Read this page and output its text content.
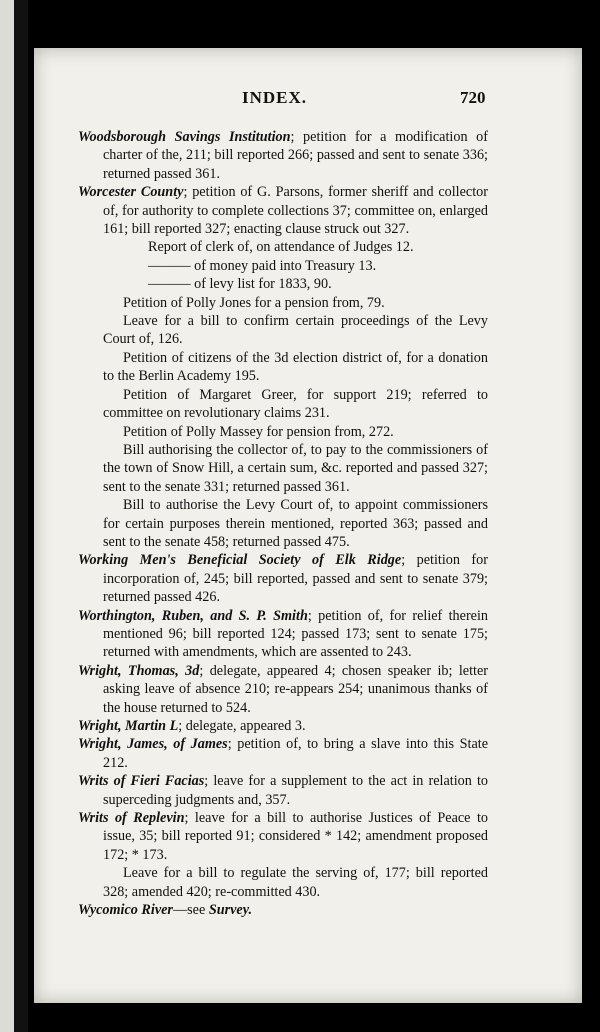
INDEX.	720

Woodsborough Savings Institution; petition for a modification of charter of the, 211; bill reported 266; passed and sent to senate 336; returned passed 361.

Worcester County; petition of G. Parsons, former sheriff and collector of, for authority to complete collections 37; committee on, enlarged 161; bill reported 327; enacting clause struck out 327.

Report of clerk of, on attendance of Judges 12.

——— of money paid into Treasury 13.

——— of levy list for 1833, 90.

Petition of Polly Jones for a pension from, 79.

Leave for a bill to confirm certain proceedings of the Levy Court of, 126.

Petition of citizens of the 3d election district of, for a donation to the Berlin Academy 195.

Petition of Margaret Greer, for support 219; referred to committee on revolutionary claims 231.

Petition of Polly Massey for pension from, 272.

Bill authorising the collector of, to pay to the commissioners of the town of Snow Hill, a certain sum, &c. reported and passed 327; sent to the senate 331; returned passed 361.

Bill to authorise the Levy Court of, to appoint commissioners for certain purposes therein mentioned, reported 363; passed and sent to the senate 458; returned passed 475.

Working Men's Beneficial Society of Elk Ridge; petition for incorporation of, 245; bill reported, passed and sent to senate 379; returned passed 426.

Worthington, Ruben, and S. P. Smith; petition of, for relief therein mentioned 96; bill reported 124; passed 173; sent to senate 175; returned with amendments, which are assented to 243.

Wright, Thomas, 3d; delegate, appeared 4; chosen speaker ib; letter asking leave of absence 210; re-appears 254; unanimous thanks of the house returned to 524.

Wright, Martin L; delegate, appeared 3.

Wright, James, of James; petition of, to bring a slave into this State 212.

Writs of Fieri Facias; leave for a supplement to the act in relation to superceding judgments and, 357.

Writs of Replevin; leave for a bill to authorise Justices of Peace to issue, 35; bill reported 91; considered * 142; amendment proposed 172; * 173.

Leave for a bill to regulate the serving of, 177; bill reported 328; amended 420; re-committed 430.

Wycomico River—see Survey.
